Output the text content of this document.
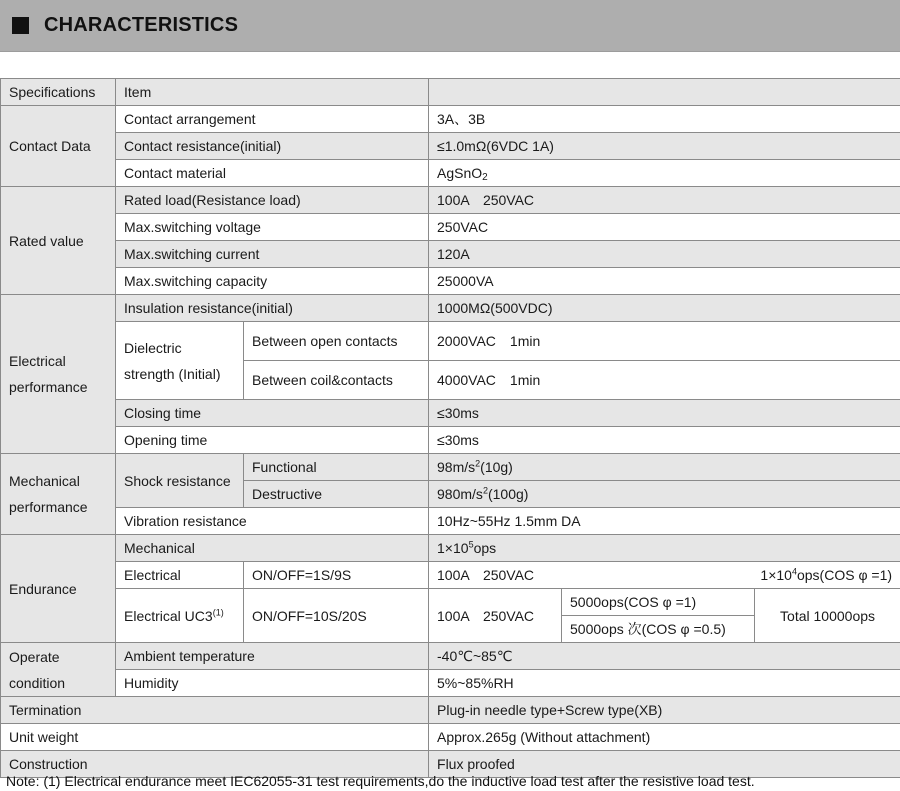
CHARACTERISTICS
Specifications	Item				
Contact Data	Contact arrangement		3A、3B		
	Contact resistance(initial)		≤1.0mΩ(6VDC 1A)		
	Contact material		AgSnO$_2$
Rated value	Rated load(Resistance load)		100A　250VAC		
	Max.switching voltage		250VAC		
	Max.switching current		120A		
	Max.switching capacity		25000VA		
Electrical performance	Insulation resistance(initial)		1000MΩ(500VDC)		
	Dielectric strength (Initial)	Between open contacts	2000VAC　1min		
		Between coil&contacts	4000VAC　1min		
	Closing time		≤30ms		
	Opening time		≤30ms		
Mechanical performance	Shock resistance	Functional	$98m/s^2(10g)$		
		Destructive	$980m/s^2(100g)$		
	Vibration resistance		10Hz~55Hz 1.5mm DA		
Endurance	Mechanical		$1\times 10^5ops$		
	Electrical	ON/OFF=1S/9S	100A　250VAC $1\times 10^4ops(COS$ φ =1)		

	Electrical UC3$^{(1)}$	ON/OFF=10S/20S	100A　250VAC	5000ops(COS φ =1)	Total 10000ops
				5000ops 次(COS φ =0.5)	
Operate condition	Ambient temperature		-40℃~85℃		
	Humidity		5%~85%RH		
Termination			Plug-in needle type+Screw type(XB)		
Unit weight			Approx.265g (Without attachment)		
Construction			Flux proofed		
Note: (1) Electrical endurance meet IEC62055-31 test requirements,do the inductive load test after the resistive load test.
